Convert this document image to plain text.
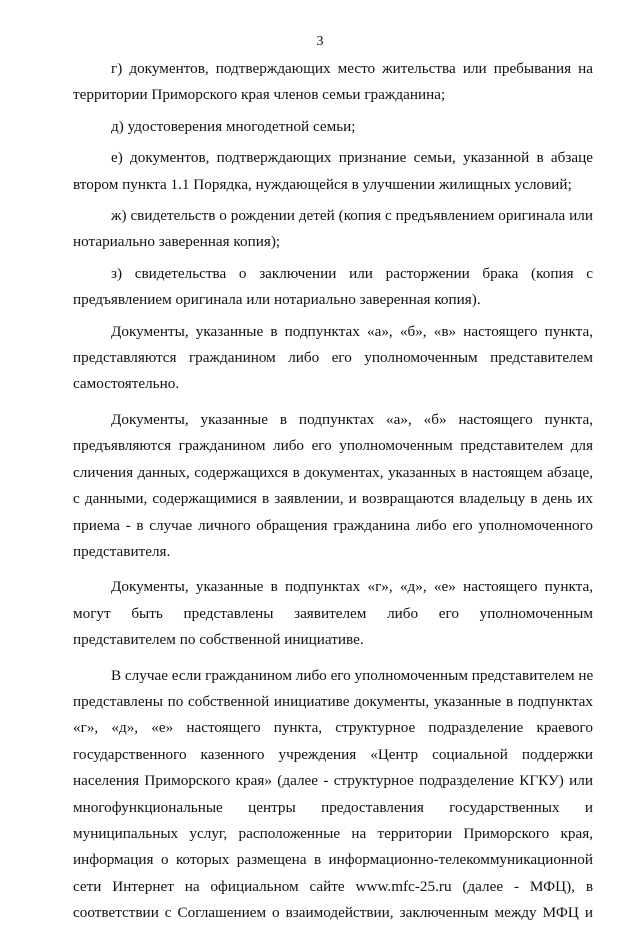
3

г) документов, подтверждающих место жительства или пребывания на
территории Приморского края членов семьи гражданина;

д) удостоверения многодетной семьи;

е) документов, подтверждающих признание семьи, указанной в абзаце
втором пункта 1.1 Порядка, нуждающейся в улучшении жилищных условий;

ж) свидетельств о рождении детей (копия с предъявлением оригинала или
нотариально заверенная копия);

з) свидетельства о заключении или расторжении брака (копия с
предъявлением оригинала или нотариально заверенная копия).

Документы, указанные в подпунктах «а», «б», «в» настоящего пункта,
представляются гражданином либо его уполномоченным представителем
самостоятельно.

Документы, указанные в подпунктах «а», «б» настоящего пункта,
предъявляются гражданином либо его уполномоченным представителем для
сличения данных, содержащихся в документах, указанных в настоящем абзаце,
с данными, содержащимися в заявлении, и возвращаются владельцу в день их
приема - в случае личного обращения гражданина либо его уполномоченного
представителя.

Документы, указанные в подпунктах «г», «д», «е» настоящего пункта,
могут быть представлены заявителем либо его уполномоченным
представителем по собственной инициативе.

В случае если гражданином либо его уполномоченным представителем не
представлены по собственной инициативе документы, указанные в подпунктах
«г», «д», «е» настоящего пункта, структурное подразделение краевого
государственного казенного учреждения «Центр социальной поддержки
населения Приморского края» (далее - структурное подразделение КГКУ) или
многофункциональные центры предоставления государственных и
муниципальных услуг, расположенные на территории Приморского края,
информация о которых размещена в информационно-телекоммуникационной
сети Интернет на официальном сайте www.mfc-25.ru (далее - МФЦ), в
соответствии с Соглашением о взаимодействии, заключенным между МФЦ и
